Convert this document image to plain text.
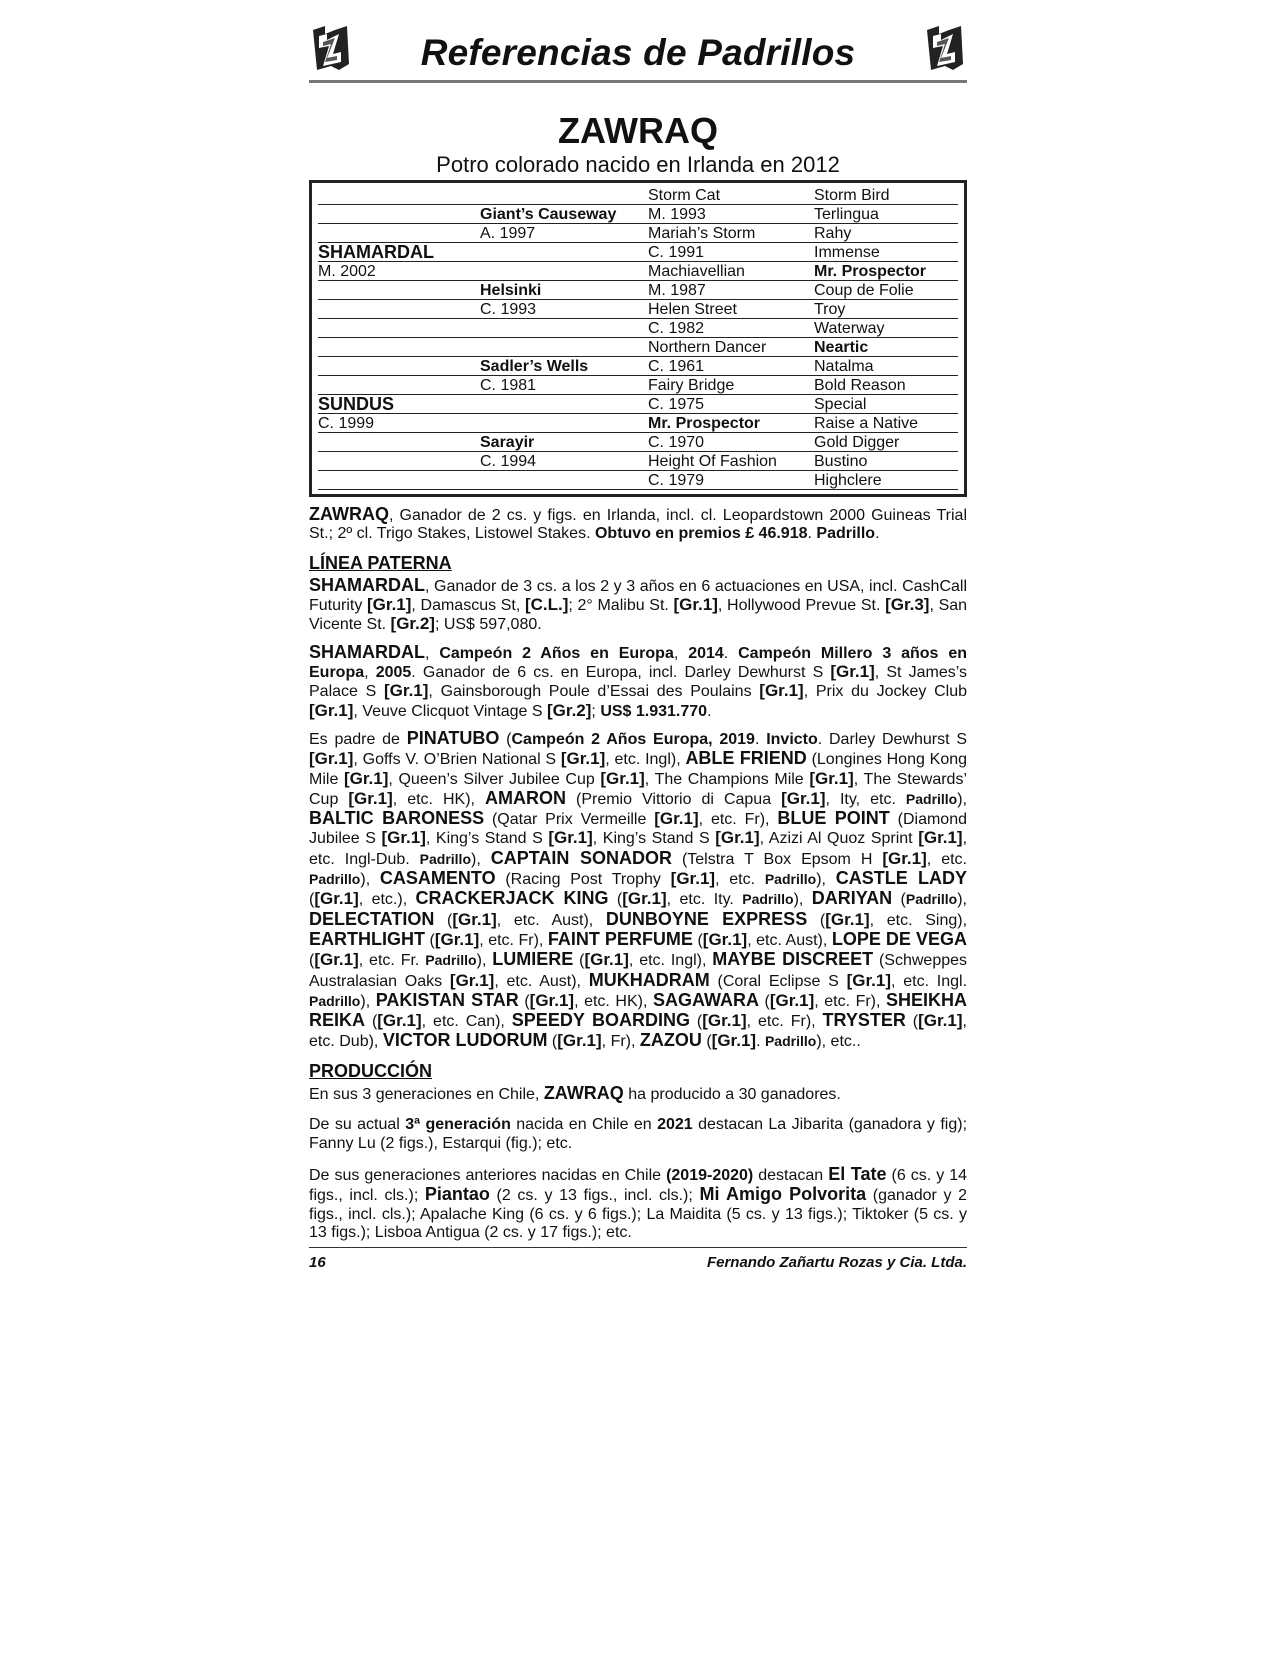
Referencias de Padrillos
ZAWRAQ
Potro colorado nacido en Irlanda en 2012
		Storm Cat	Storm Bird
	Giant’s Causeway	M. 1993	Terlingua
	A. 1997	Mariah’s Storm	Rahy
SHAMARDAL		C. 1991	Immense
M. 2002		Machiavellian	Mr. Prospector
	Helsinki	M. 1987	Coup de Folie
	C. 1993	Helen Street	Troy
		C. 1982	Waterway
		Northern Dancer	Neartic
	Sadler’s Wells	C. 1961	Natalma
	C. 1981	Fairy Bridge	Bold Reason
SUNDUS		C. 1975	Special
C. 1999		Mr. Prospector	Raise a Native
	Sarayir	C. 1970	Gold Digger
	C. 1994	Height Of Fashion	Bustino
		C. 1979	Highclere

ZAWRAQ, Ganador de 2 cs. y figs. en Irlanda, incl. cl. Leopardstown 2000 Guineas Trial St.; 2º cl. Trigo Stakes, Listowel Stakes. Obtuvo en premios £ 46.918. Padrillo.

LÍNEA PATERNA

SHAMARDAL, Ganador de 3 cs. a los 2 y 3 años en 6 actuaciones en USA, incl. CashCall Futurity [Gr.1], Damascus St, [C.L.]; 2° Malibu St. [Gr.1], Hollywood Prevue St. [Gr.3], San Vicente St. [Gr.2]; US$ 597,080.

SHAMARDAL, Campeón 2 Años en Europa, 2014. Campeón Millero 3 años en Europa, 2005. Ganador de 6 cs. en Europa, incl. Darley Dewhurst S [Gr.1], St James’s Palace S [Gr.1], Gainsborough Poule d’Essai des Poulains [Gr.1], Prix du Jockey Club [Gr.1], Veuve Clicquot Vintage S [Gr.2]; US$ 1.931.770.

Es padre de PINATUBO (Campeón 2 Años Europa, 2019. Invicto. Darley Dewhurst S [Gr.1], Goffs V. O’Brien National S [Gr.1], etc. Ingl), ABLE FRIEND (Longines Hong Kong Mile [Gr.1], Queen’s Silver Jubilee Cup [Gr.1], The Champions Mile [Gr.1], The Stewards’ Cup [Gr.1], etc. HK), AMARON (Premio Vittorio di Capua [Gr.1], Ity, etc. Padrillo), BALTIC BARONESS (Qatar Prix Vermeille [Gr.1], etc. Fr), BLUE POINT (Diamond Jubilee S [Gr.1], King’s Stand S [Gr.1], King’s Stand S [Gr.1], Azizi Al Quoz Sprint [Gr.1], etc. Ingl-Dub. Padrillo), CAPTAIN SONADOR (Telstra T Box Epsom H [Gr.1], etc. Padrillo), CASAMENTO (Racing Post Trophy [Gr.1], etc. Padrillo), CASTLE LADY ([Gr.1], etc.), CRACKERJACK KING ([Gr.1], etc. Ity. Padrillo), DARIYAN (Padrillo), DELECTATION ([Gr.1], etc. Aust), DUNBOYNE EXPRESS ([Gr.1], etc. Sing), EARTHLIGHT ([Gr.1], etc. Fr), FAINT PERFUME ([Gr.1], etc. Aust), LOPE DE VEGA ([Gr.1], etc. Fr. Padrillo), LUMIERE ([Gr.1], etc. Ingl), MAYBE DISCREET (Schweppes Australasian Oaks [Gr.1], etc. Aust), MUKHADRAM (Coral Eclipse S [Gr.1], etc. Ingl. Padrillo), PAKISTAN STAR ([Gr.1], etc. HK), SAGAWARA ([Gr.1], etc. Fr), SHEIKHA REIKA ([Gr.1], etc. Can), SPEEDY BOARDING ([Gr.1], etc. Fr), TRYSTER ([Gr.1], etc. Dub), VICTOR LUDORUM ([Gr.1], Fr), ZAZOU ([Gr.1]. Padrillo), etc..

PRODUCCIÓN

En sus 3 generaciones en Chile, ZAWRAQ ha producido a 30 ganadores.

De su actual 3ª generación nacida en Chile en 2021 destacan La Jibarita (ganadora y fig); Fanny Lu (2 figs.), Estarqui (fig.); etc.

De sus generaciones anteriores nacidas en Chile (2019-2020) destacan El Tate (6 cs. y 14 figs., incl. cls.); Piantao (2 cs. y 13 figs., incl. cls.); Mi Amigo Polvorita (ganador y 2 figs., incl. cls.); Apalache King (6 cs. y 6 figs.); La Maidita (5 cs. y 13 figs.); Tiktoker (5 cs. y 13 figs.); Lisboa Antigua (2 cs. y 17 figs.); etc.

16	Fernando Zañartu Rozas y Cia. Ltda.
